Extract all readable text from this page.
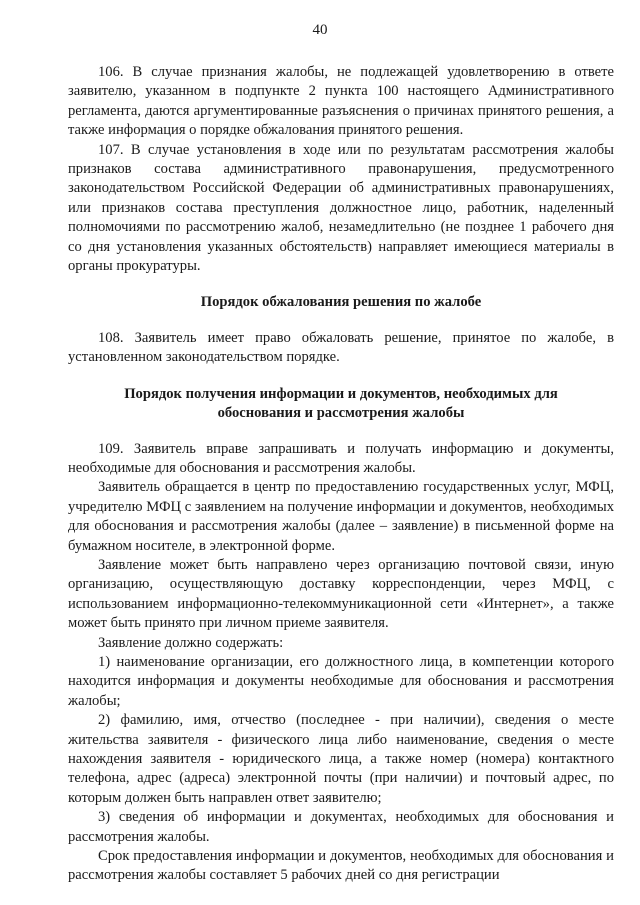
40

106. В случае признания жалобы, не подлежащей удовлетворению в ответе заявителю, указанном в подпункте 2 пункта 100 настоящего Административного регламента, даются аргументированные разъяснения о причинах принятого решения, а также информация о порядке обжалования принятого решения.

107. В случае установления в ходе или по результатам рассмотрения жалобы признаков состава административного правонарушения, предусмотренного законодательством Российской Федерации об административных правонарушениях, или признаков состава преступления должностное лицо, работник, наделенный полномочиями по рассмотрению жалоб, незамедлительно (не позднее 1 рабочего дня со дня установления указанных обстоятельств) направляет имеющиеся материалы в органы прокуратуры.

Порядок обжалования решения по жалобе

108. Заявитель имеет право обжаловать решение, принятое по жалобе, в установленном законодательством порядке.

Порядок получения информации и документов, необходимых для обоснования и рассмотрения жалобы

109. Заявитель вправе запрашивать и получать информацию и документы, необходимые для обоснования и рассмотрения жалобы.

Заявитель обращается в центр по предоставлению государственных услуг, МФЦ, учредителю МФЦ с заявлением на получение информации и документов, необходимых для обоснования и рассмотрения жалобы (далее – заявление) в письменной форме на бумажном носителе, в электронной форме.

Заявление может быть направлено через организацию почтовой связи, иную организацию, осуществляющую доставку корреспонденции, через МФЦ, с использованием информационно-телекоммуникационной сети «Интернет», а также может быть принято при личном приеме заявителя.

Заявление должно содержать:

1) наименование организации, его должностного лица, в компетенции которого находится информация и документы необходимые для обоснования и рассмотрения жалобы;

2) фамилию, имя, отчество (последнее - при наличии), сведения о месте жительства заявителя - физического лица либо наименование, сведения о месте нахождения заявителя - юридического лица, а также номер (номера) контактного телефона, адрес (адреса) электронной почты (при наличии) и почтовый адрес, по которым должен быть направлен ответ заявителю;

3) сведения об информации и документах, необходимых для обоснования и рассмотрения жалобы.

Срок предоставления информации и документов, необходимых для обоснования и рассмотрения жалобы составляет 5 рабочих дней со дня регистрации
